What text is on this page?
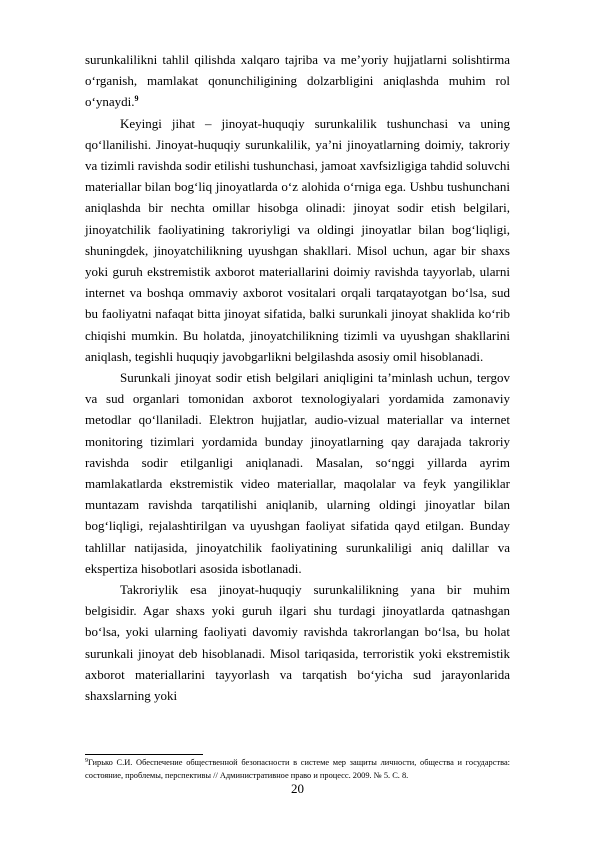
surunkalilikni tahlil qilishda xalqaro tajriba va me’yoriy hujjatlarni solishtirma o‘rganish, mamlakat qonunchiligining dolzarbligini aniqlashda muhim rol o‘ynaydi.$^9$

Keyingi jihat – jinoyat-huquqiy surunkalilik tushunchasi va uning qo‘llanilishi. Jinoyat-huquqiy surunkalilik, ya’ni jinoyatlarning doimiy, takroriy va tizimli ravishda sodir etilishi tushunchasi, jamoat xavfsizligiga tahdid soluvchi materiallar bilan bog‘liq jinoyatlarda o‘z alohida o‘rniga ega. Ushbu tushunchani aniqlashda bir nechta omillar hisobga olinadi: jinoyat sodir etish belgilari, jinoyatchilik faoliyatining takroriyligi va oldingi jinoyatlar bilan bog‘liqligi, shuningdek, jinoyatchilikning uyushgan shakllari. Misol uchun, agar bir shaxs yoki guruh ekstremistik axborot materiallarini doimiy ravishda tayyorlab, ularni internet va boshqa ommaviy axborot vositalari orqali tarqatayotgan bo‘lsa, sud bu faoliyatni nafaqat bitta jinoyat sifatida, balki surunkali jinoyat shaklida ko‘rib chiqishi mumkin. Bu holatda, jinoyatchilikning tizimli va uyushgan shakllarini aniqlash, tegishli huquqiy javobgarlikni belgilashda asosiy omil hisoblanadi.

Surunkali jinoyat sodir etish belgilari aniqligini ta’minlash uchun, tergov va sud organlari tomonidan axborot texnologiyalari yordamida zamonaviy metodlar qo‘llaniladi. Elektron hujjatlar, audio-vizual materiallar va internet monitoring tizimlari yordamida bunday jinoyatlarning qay darajada takroriy ravishda sodir etilganligi aniqlanadi. Masalan, so‘nggi yillarda ayrim mamlakatlarda ekstremistik video materiallar, maqolalar va feyk yangiliklar muntazam ravishda tarqatilishi aniqlanib, ularning oldingi jinoyatlar bilan bog‘liqligi, rejalashtirilgan va uyushgan faoliyat sifatida qayd etilgan. Bunday tahlillar natijasida, jinoyatchilik faoliyatining surunkaliligi aniq dalillar va ekspertiza hisobotlari asosida isbotlanadi.

Takroriylik esa jinoyat-huquqiy surunkalilikning yana bir muhim belgisidir. Agar shaxs yoki guruh ilgari shu turdagi jinoyatlarda qatnashgan bo‘lsa, yoki ularning faoliyati davomiy ravishda takrorlangan bo‘lsa, bu holat surunkali jinoyat deb hisoblanadi. Misol tariqasida, terroristik yoki ekstremistik axborot materiallarini tayyorlash va tarqatish bo‘yicha sud jarayonlarida shaxslarning yoki

$^9$Гирько С.И. Обеспечение общественной безопасности в системе мер защиты личности, общества и государства: состояние, проблемы, перспективы // Административное право и процесс. 2009. № 5. С. 8.
20
